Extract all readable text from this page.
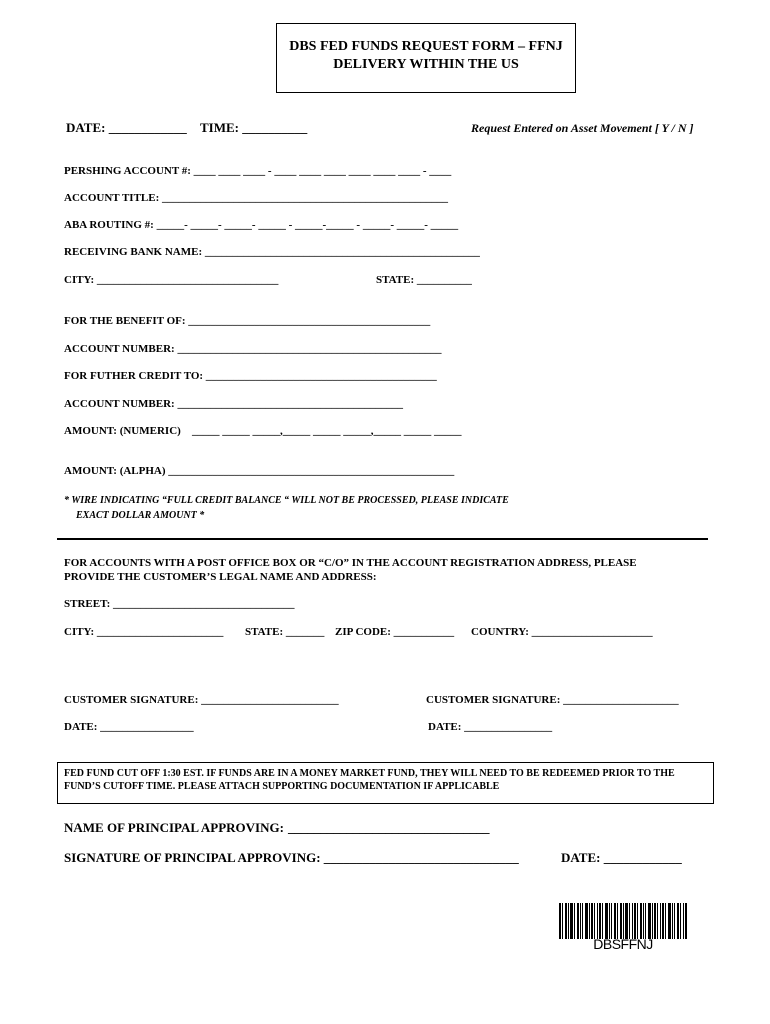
DBS FED FUNDS REQUEST FORM – FFNJ
DELIVERY WITHIN THE US
DATE: ____________ TIME: __________	Request Entered on Asset Movement [ Y / N ]
PERSHING ACCOUNT #: ____ ____ ____ - ____ ____ ____ ____ ____ ____ - ____
ACCOUNT TITLE: ____________________________________________________
ABA ROUTING #: _____- _____- _____- _____ - _____-_____ - _____- _____- _____
RECEIVING BANK NAME: __________________________________________________
CITY: _________________________________	STATE: __________
FOR THE BENEFIT OF: ____________________________________________
ACCOUNT NUMBER: ________________________________________________
FOR FUTHER CREDIT TO: __________________________________________
ACCOUNT NUMBER: _________________________________________
AMOUNT: (NUMERIC) _____ _____ _____,_____ _____ _____,_____ _____ _____
AMOUNT: (ALPHA) ____________________________________________________
* WIRE INDICATING “FULL CREDIT BALANCE “ WILL NOT BE PROCESSED, PLEASE INDICATE
EXACT DOLLAR AMOUNT *
FOR ACCOUNTS WITH A POST OFFICE BOX OR “C/O” IN THE ACCOUNT REGISTRATION ADDRESS, PLEASE
PROVIDE THE CUSTOMER’S LEGAL NAME AND ADDRESS:
STREET: _________________________________
CITY: _______________________ STATE: _______ ZIP CODE: ___________ COUNTRY: ______________________
CUSTOMER SIGNATURE: _________________________	CUSTOMER SIGNATURE: _____________________
DATE: _________________	DATE: ________________
FED FUND CUT OFF 1:30 EST. IF FUNDS ARE IN A MONEY MARKET FUND, THEY WILL NEED TO BE REDEEMED PRIOR TO THE FUND’S CUTOFF TIME. PLEASE ATTACH SUPPORTING DOCUMENTATION IF APPLICABLE
NAME OF PRINCIPAL APPROVING: _______________________________
SIGNATURE OF PRINCIPAL APPROVING: ______________________________	DATE: ____________
DBSFFNJ
